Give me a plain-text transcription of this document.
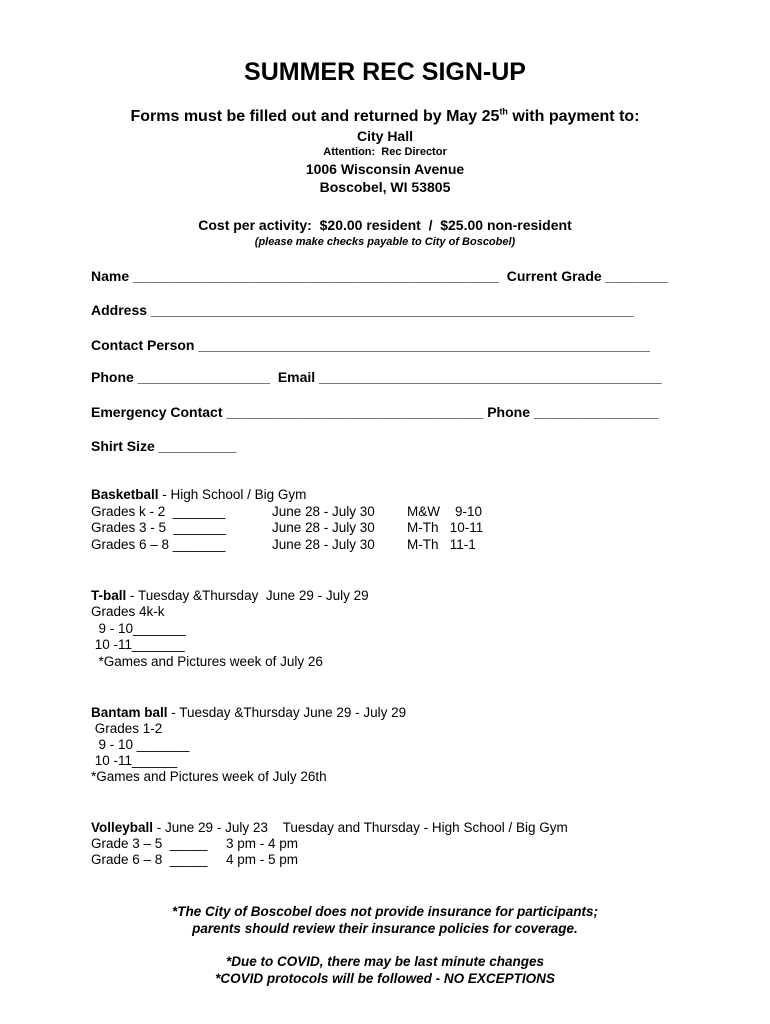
SUMMER REC SIGN-UP
Forms must be filled out and returned by May 25th with payment to:
City Hall
Attention:  Rec Director
1006 Wisconsin Avenue
Boscobel, WI 53805
Cost per activity:  $20.00 resident  /  $25.00 non-resident
(please make checks payable to City of Boscobel)
Name _______________________________________________  Current Grade ________
Address ______________________________________________________________
Contact Person __________________________________________________________
Phone _________________  Email ____________________________________________
Emergency Contact _________________________________ Phone ________________
Shirt Size __________
Basketball - High School / Big Gym
Grades k - 2  _______	June 28 - July 30 M&W    9-10
Grades 3 - 5  _______	June 28 - July 30 M-Th   10-11
Grades 6 – 8 _______	June 28 - July 30 M-Th   11-1
T-ball - Tuesday &Thursday  June 29 - July 29
Grades 4k-k
9 - 10_______
10 -11_______
*Games and Pictures week of July 26
Bantam ball - Tuesday &Thursday June 29 - July 29
Grades 1-2
9 - 10 _______
10 -11______
*Games and Pictures week of July 26th
Volleyball - June 29 - July 23    Tuesday and Thursday - High School / Big Gym
Grade 3 – 5  _____ 3 pm - 4 pm
Grade 6 – 8  _____ 4 pm - 5 pm
*The City of Boscobel does not provide insurance for participants;
parents should review their insurance policies for coverage.
*Due to COVID, there may be last minute changes
*COVID protocols will be followed - NO EXCEPTIONS
